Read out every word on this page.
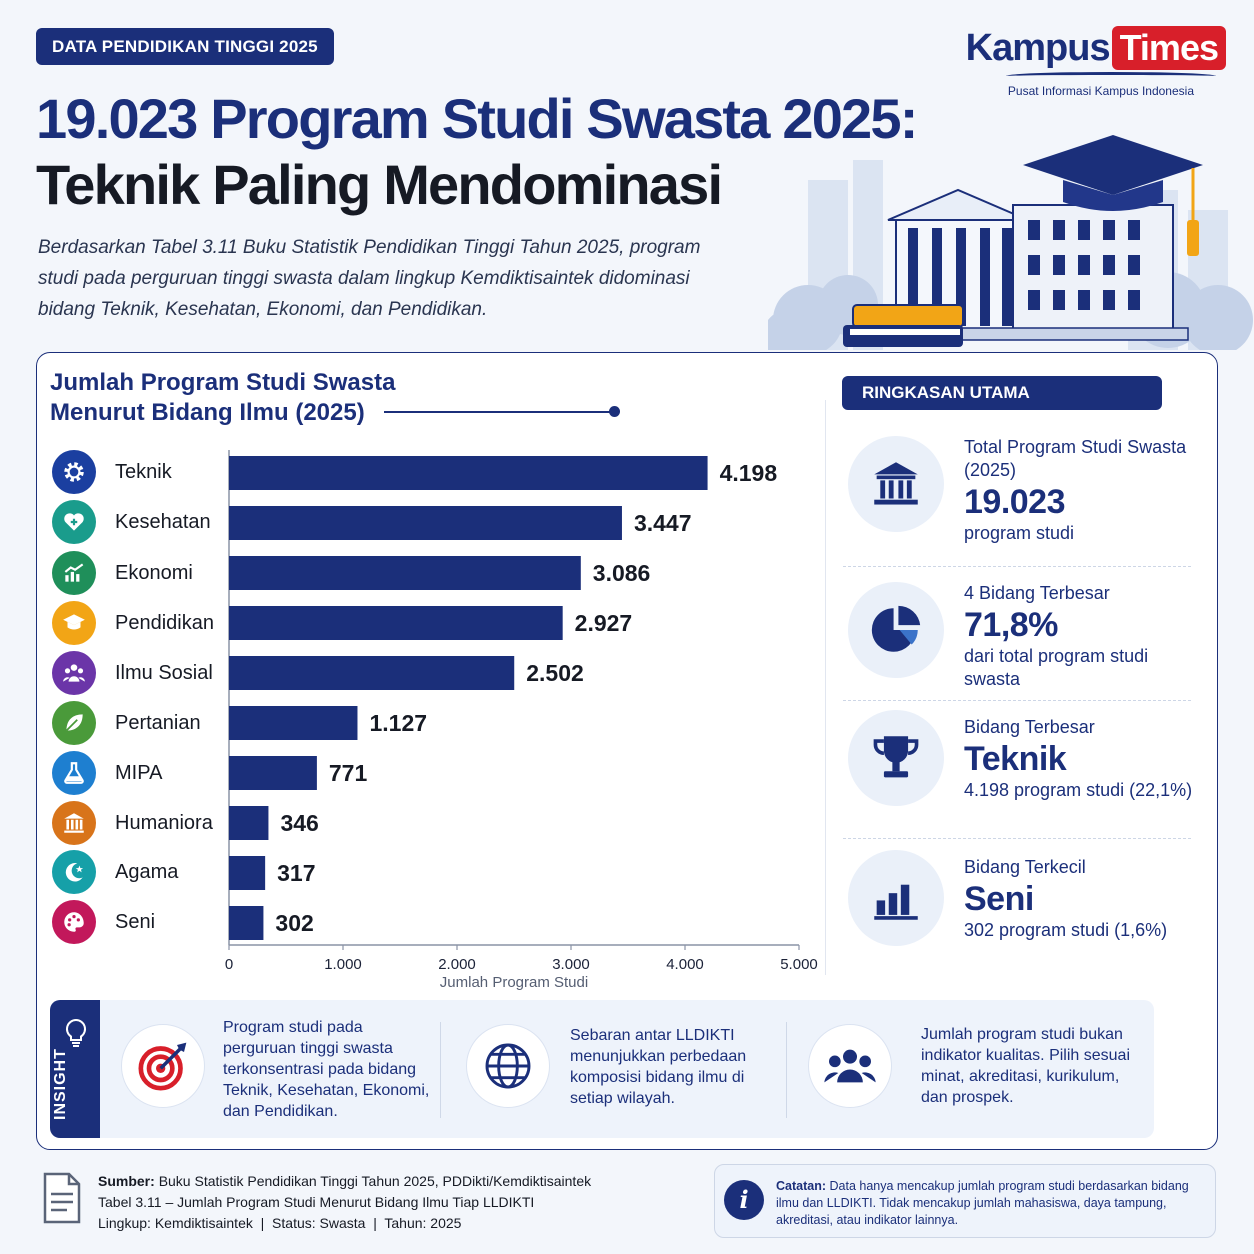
DATA PENDIDIKAN TINGGI 2025	Kampus Times
Pusat Informasi Kampus Indonesia
19.023 Program Studi Swasta 2025:
Teknik Paling Mendominasi
Berdasarkan Tabel 3.11 Buku Statistik Pendidikan Tinggi Tahun 2025, program studi pada perguruan tinggi swasta dalam lingkup Kemdiktisaintek didominasi bidang Teknik, Kesehatan, Ekonomi, dan Pendidikan.
Jumlah Program Studi Swasta
Menurut Bidang Ilmu (2025)
Teknik
Kesehatan
Ekonomi
Pendidikan
Ilmu Sosial
Pertanian
MIPA
Humaniora
Agama
Seni
4.198
3.447
3.086
2.927
2.502
1.127
771
346
317
302
0	1.000	2.000	3.000	4.000	5.000
Jumlah Program Studi
RINGKASAN UTAMA
Total Program Studi Swasta (2025)
19.023
program studi
4 Bidang Terbesar
71,8%
dari total program studi swasta
Bidang Terbesar
Teknik
4.198 program studi (22,1%)
Bidang Terkecil
Seni
302 program studi (1,6%)
INSIGHT
Program studi pada perguruan tinggi swasta terkonsentrasi pada bidang Teknik, Kesehatan, Ekonomi, dan Pendidikan.
Sebaran antar LLDIKTI menunjukkan perbedaan komposisi bidang ilmu di setiap wilayah.
Jumlah program studi bukan indikator kualitas. Pilih sesuai minat, akreditasi, kurikulum, dan prospek.
Sumber: Buku Statistik Pendidikan Tinggi Tahun 2025, PDDikti/Kemdiktisaintek
Tabel 3.11 – Jumlah Program Studi Menurut Bidang Ilmu Tiap LLDIKTI
Lingkup: Kemdiktisaintek  |  Status: Swasta  |  Tahun: 2025
i	Catatan: Data hanya mencakup jumlah program studi berdasarkan bidang ilmu dan LLDIKTI. Tidak mencakup jumlah mahasiswa, daya tampung, akreditasi, atau indikator lainnya.
